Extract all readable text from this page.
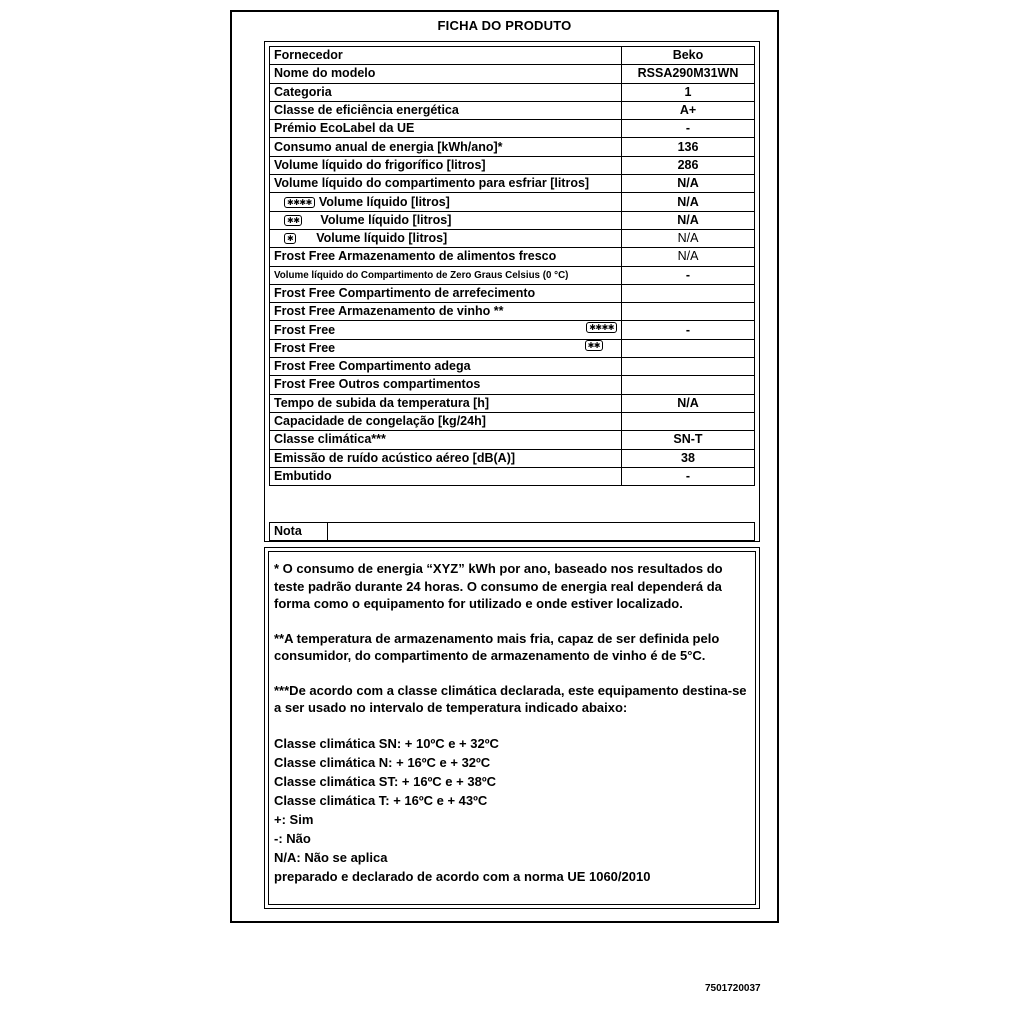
FICHA DO PRODUTO
Fornecedor	Beko
Nome do modelo	RSSA290M31WN
Categoria	1
Classe de eficiência energética	A+
Prémio EcoLabel da UE	-
Consumo anual de energia [kWh/ano]*	136
Volume líquido do frigorífico [litros]	286
Volume líquido do compartimento para esfriar [litros]	N/A
✱✱✱✱ Volume líquido [litros]	N/A
✱✱ Volume líquido [litros]	N/A
✱ Volume líquido [litros]	N/A
Frost Free Armazenamento de alimentos fresco	N/A
Volume líquido do Compartimento de Zero Graus Celsius (0 °C)	-
Frost Free Compartimento de arrefecimento	
Frost Free Armazenamento de vinho **	
Frost Free ✱✱✱✱	-
Frost Free ✱✱	

Frost Free Compartimento adega	
Frost Free Outros compartimentos	
Tempo de subida da temperatura [h]	N/A
Capacidade de congelação [kg/24h]	
Classe climática***	SN-T
Emissão de ruído acústico aéreo [dB(A)]	38
Embutido	-
Nota	

* O consumo de energia “XYZ” kWh por ano, baseado nos resultados do teste padrão durante 24 horas. O consumo de energia real dependerá da forma como o equipamento for utilizado e onde estiver localizado.

**A temperatura de armazenamento mais fria, capaz de ser definida pelo consumidor, do compartimento de armazenamento de vinho é de 5°C.

***De acordo com a classe climática declarada, este equipamento destina-se a ser usado no intervalo de temperatura indicado abaixo:

Classe climática SN: + 10ºC e + 32ºC
Classe climática N: + 16ºC e + 32ºC
Classe climática ST: + 16ºC e + 38ºC
Classe climática T: + 16ºC e + 43ºC
+: Sim
-: Não
N/A: Não se aplica
preparado e declarado de acordo com a norma UE 1060/2010
7501720037
